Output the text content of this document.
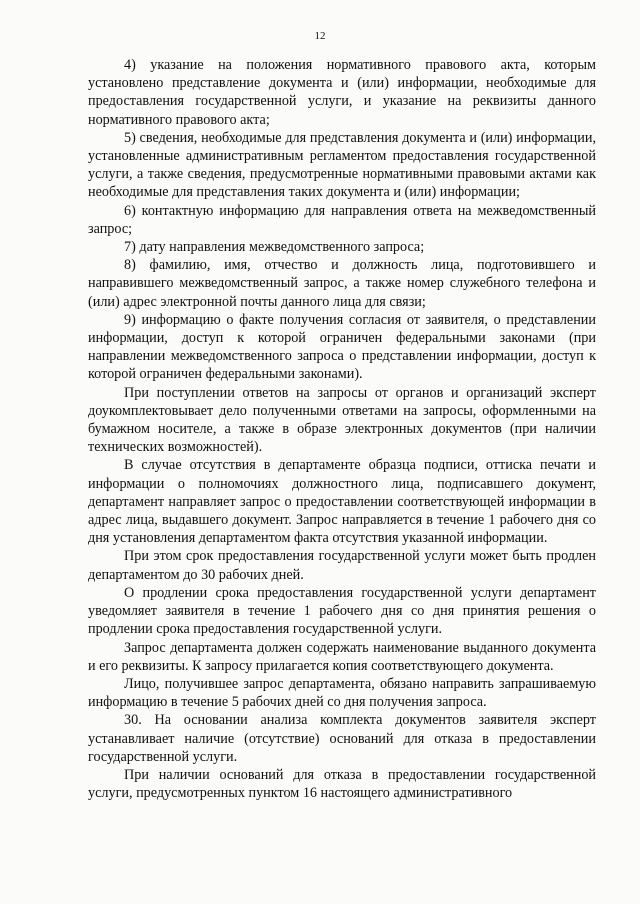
12

4) указание на положения нормативного правового акта, которым установлено представление документа и (или) информации, необходимые для предоставления государственной услуги, и указание на реквизиты данного нормативного правового акта;

5) сведения, необходимые для представления документа и (или) информации, установленные административным регламентом предоставления государственной услуги, а также сведения, предусмотренные нормативными правовыми актами как необходимые для представления таких документа и (или) информации;

6) контактную информацию для направления ответа на межведомственный запрос;

7) дату направления межведомственного запроса;

8) фамилию, имя, отчество и должность лица, подготовившего и направившего межведомственный запрос, а также номер служебного телефона и (или) адрес электронной почты данного лица для связи;

9) информацию о факте получения согласия от заявителя, о представлении информации, доступ к которой ограничен федеральными законами (при направлении межведомственного запроса о представлении информации, доступ к которой ограничен федеральными законами).

При поступлении ответов на запросы от органов и организаций эксперт доукомплектовывает дело полученными ответами на запросы, оформленными на бумажном носителе, а также в образе электронных документов (при наличии технических возможностей).

В случае отсутствия в департаменте образца подписи, оттиска печати и информации о полномочиях должностного лица, подписавшего документ, департамент направляет запрос о предоставлении соответствующей информации в адрес лица, выдавшего документ. Запрос направляется в течение 1 рабочего дня со дня установления департаментом факта отсутствия указанной информации.

При этом срок предоставления государственной услуги может быть продлен департаментом до 30 рабочих дней.

О продлении срока предоставления государственной услуги департамент уведомляет заявителя в течение 1 рабочего дня со дня принятия решения о продлении срока предоставления государственной услуги.

Запрос департамента должен содержать наименование выданного документа и его реквизиты. К запросу прилагается копия соответствующего документа.

Лицо, получившее запрос департамента, обязано направить запрашиваемую информацию в течение 5 рабочих дней со дня получения запроса.

30. На основании анализа комплекта документов заявителя эксперт устанавливает наличие (отсутствие) оснований для отказа в предоставлении государственной услуги.

При наличии оснований для отказа в предоставлении государственной услуги, предусмотренных пунктом 16 настоящего административного
